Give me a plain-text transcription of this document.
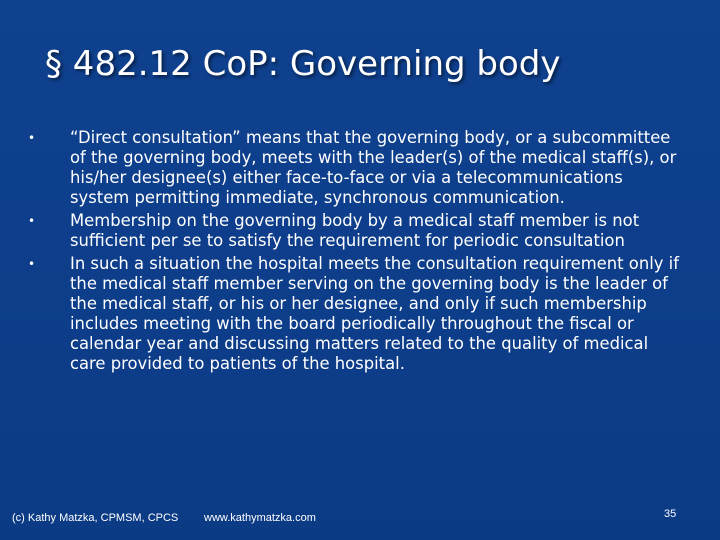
§ 482.12 CoP: Governing body
•	“Direct consultation” means that the governing body, or a subcommittee of the governing body, meets with the leader(s) of the medical staff(s), or his/her designee(s) either face-to-face or via a telecommunications system permitting immediate, synchronous communication.
•	Membership on the governing body by a medical staff member is not sufficient per se to satisfy the requirement for periodic consultation
•	In such a situation the hospital meets the consultation requirement only if the medical staff member serving on the governing body is the leader of the medical staff, or his or her designee, and only if such membership includes meeting with the board periodically throughout the fiscal or calendar year and discussing matters related to the quality of medical care provided to patients of the hospital.
(c) Kathy Matzka, CPMSM, CPCS www.kathymatzka.com	35
